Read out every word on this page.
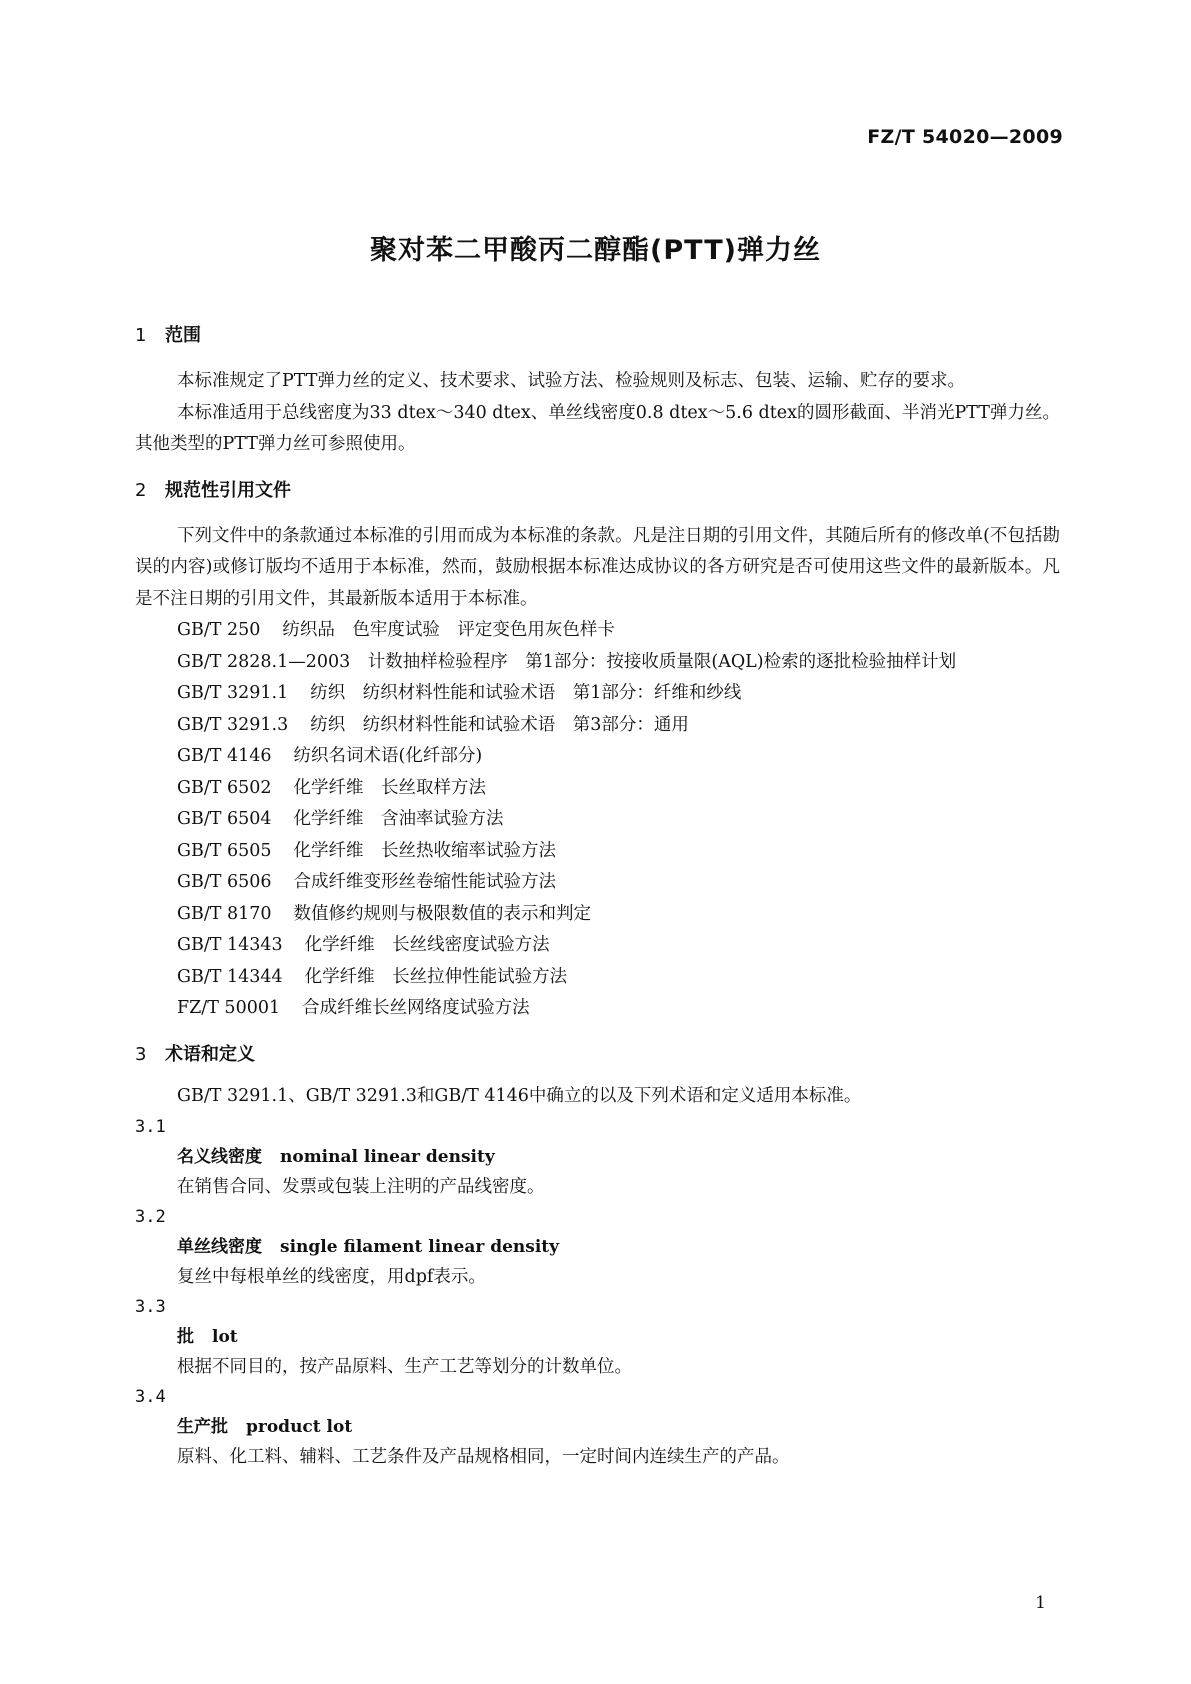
FZ/T 54020—2009
聚对苯二甲酸丙二醇酯(PTT)弹力丝
1 范围

本标准规定了PTT弹力丝的定义、技术要求、试验方法、检验规则及标志、包装、运输、贮存的要求。

本标准适用于总线密度为33 dtex～340 dtex、单丝线密度0.8 dtex～5.6 dtex的圆形截面、半消光PTT弹力丝。其他类型的PTT弹力丝可参照使用。

2 规范性引用文件

下列文件中的条款通过本标准的引用而成为本标准的条款。凡是注日期的引用文件，其随后所有的修改单(不包括勘误的内容)或修订版均不适用于本标准，然而，鼓励根据本标准达成协议的各方研究是否可使用这些文件的最新版本。凡是不注日期的引用文件，其最新版本适用于本标准。

GB/T 250 纺织品　色牢度试验　评定变色用灰色样卡

GB/T 2828.1—2003　计数抽样检验程序　第1部分：按接收质量限(AQL)检索的逐批检验抽样计划

GB/T 3291.1 纺织　纺织材料性能和试验术语　第1部分：纤维和纱线

GB/T 3291.3 纺织　纺织材料性能和试验术语　第3部分：通用

GB/T 4146 纺织名词术语(化纤部分)

GB/T 6502 化学纤维　长丝取样方法

GB/T 6504 化学纤维　含油率试验方法

GB/T 6505 化学纤维　长丝热收缩率试验方法

GB/T 6506 合成纤维变形丝卷缩性能试验方法

GB/T 8170 数值修约规则与极限数值的表示和判定

GB/T 14343 化学纤维　长丝线密度试验方法

GB/T 14344 化学纤维　长丝拉伸性能试验方法

FZ/T 50001 合成纤维长丝网络度试验方法

3 术语和定义

GB/T 3291.1、GB/T 3291.3和GB/T 4146中确立的以及下列术语和定义适用本标准。

3.1

名义线密度 nominal linear density

在销售合同、发票或包装上注明的产品线密度。

3.2

单丝线密度 single filament linear density

复丝中每根单丝的线密度，用dpf表示。

3.3

批 lot

根据不同目的，按产品原料、生产工艺等划分的计数单位。

3.4

生产批 product lot

原料、化工料、辅料、工艺条件及产品规格相同，一定时间内连续生产的产品。

1
